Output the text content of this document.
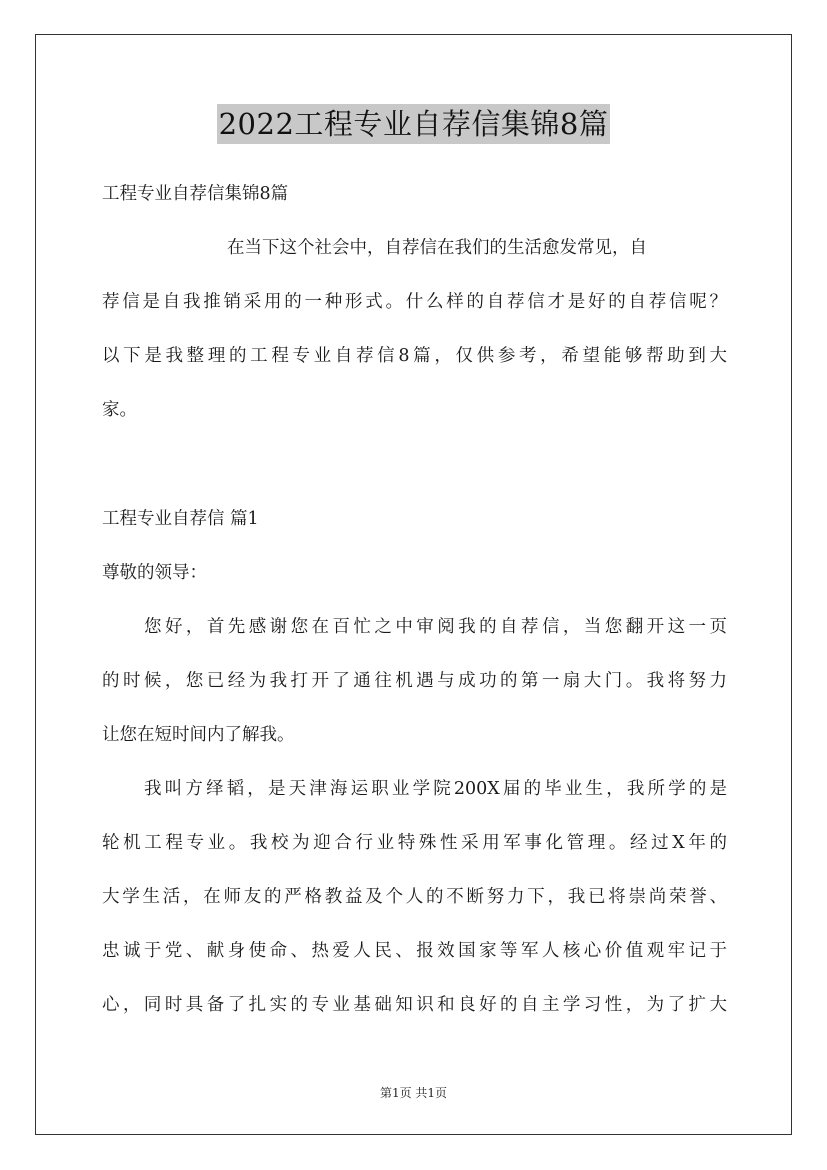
2022工程专业自荐信集锦8篇
工程专业自荐信集锦8篇
在当下这个社会中，自荐信在我们的生活愈发常见，自
荐信是自我推销采用的一种形式。什么样的自荐信才是好的自荐信呢？
以下是我整理的工程专业自荐信8篇，仅供参考，希望能够帮助到大
家。
工程专业自荐信 篇1
尊敬的领导：
您好，首先感谢您在百忙之中审阅我的自荐信，当您翻开这一页
的时候，您已经为我打开了通往机遇与成功的第一扇大门。我将努力
让您在短时间内了解我。
我叫方绎韬，是天津海运职业学院200X届的毕业生，我所学的是
轮机工程专业。我校为迎合行业特殊性采用军事化管理。经过X年的
大学生活，在师友的严格教益及个人的不断努力下，我已将崇尚荣誉、
忠诚于党、献身使命、热爱人民、报效国家等军人核心价值观牢记于
心，同时具备了扎实的专业基础知识和良好的自主学习性，为了扩大
第1页 共1页
